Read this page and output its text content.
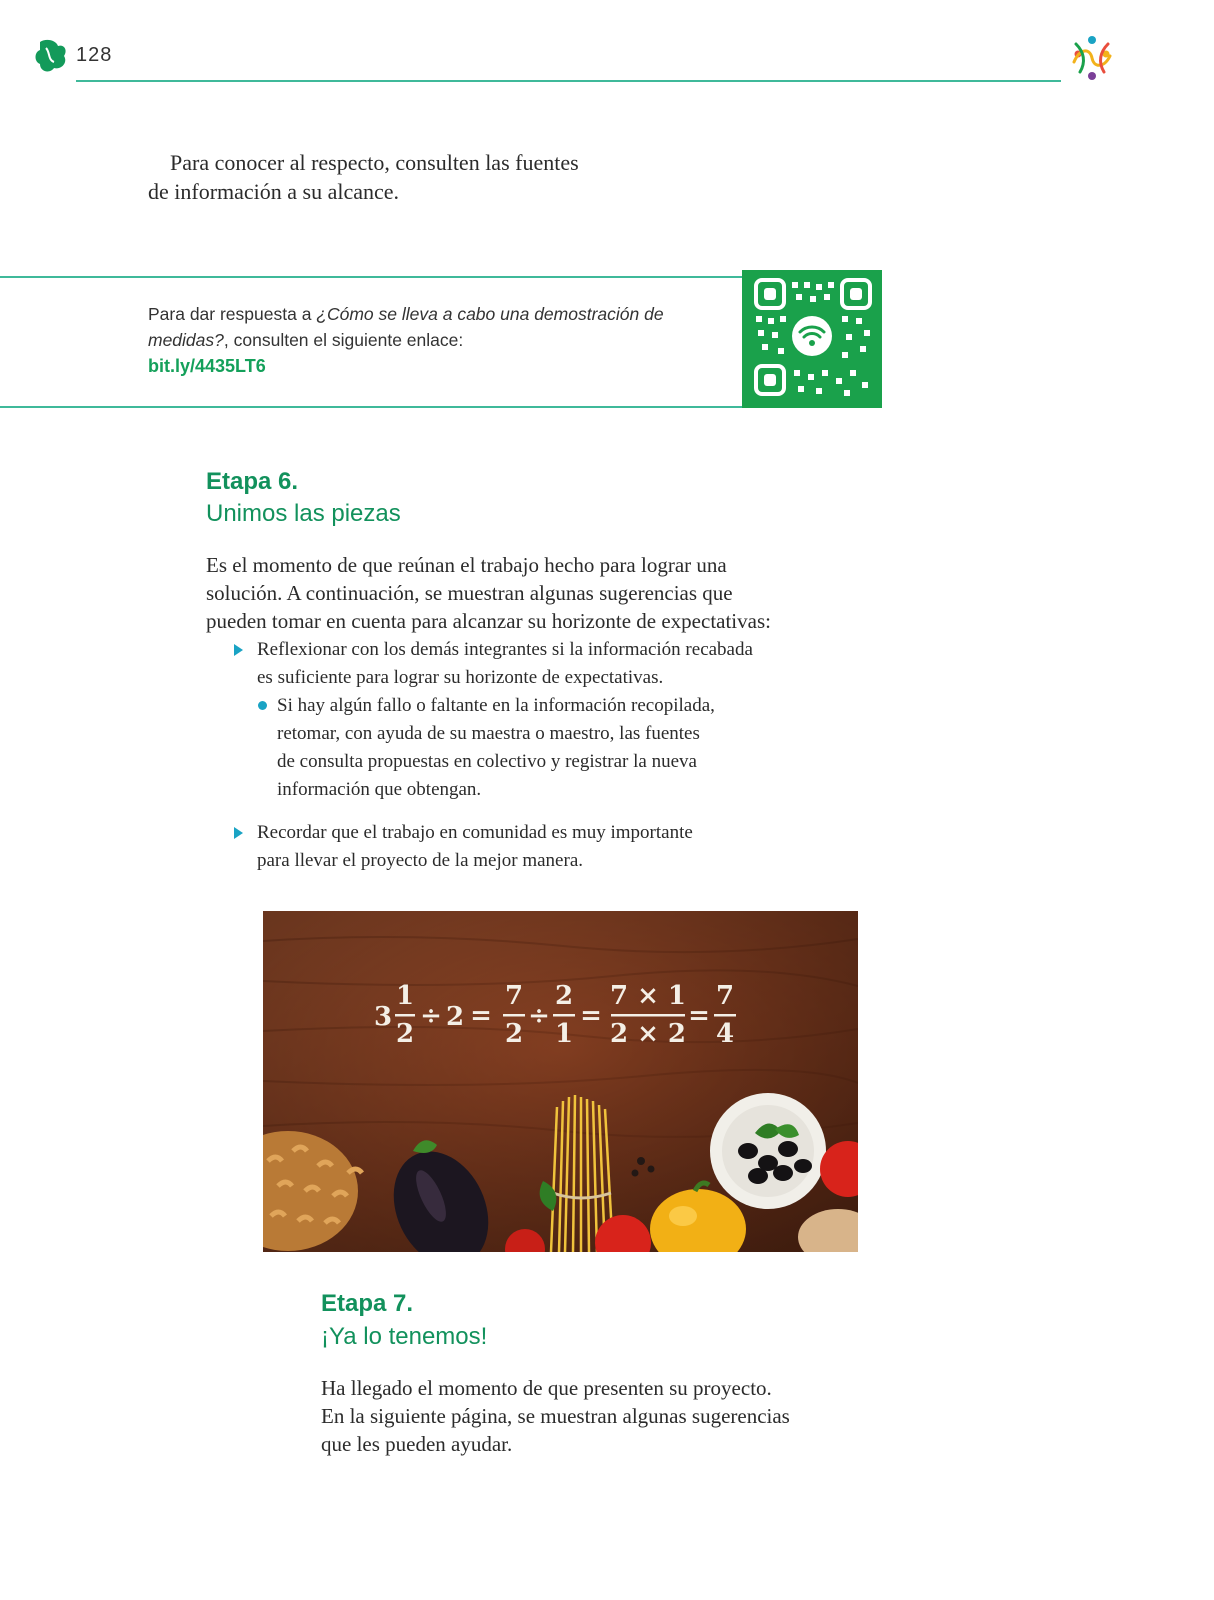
128
Para conocer al respecto, consulten las fuentes
de información a su alcance.
Para dar respuesta a ¿Cómo se lleva a cabo una demostración de medidas?, consulten el siguiente enlace:
bit.ly/4435LT6
Etapa 6.
Unimos las piezas
Es el momento de que reúnan el trabajo hecho para lograr una
solución. A continuación, se muestran algunas sugerencias que
pueden tomar en cuenta para alcanzar su horizonte de expectativas:
Reflexionar con los demás integrantes si la información recabada
es suficiente para lograr su horizonte de expectativas.
Si hay algún fallo o faltante en la información recopilada,
retomar, con ayuda de su maestra o maestro, las fuentes
de consulta propuestas en colectivo y registrar la nueva
información que obtengan.
Recordar que el trabajo en comunidad es muy importante
para llevar el proyecto de la mejor manera.
3
1
2
÷ 2 =
7
2
÷
2
1
=
7 × 1
2 × 2
=
7
4
Etapa 7.
¡Ya lo tenemos!
Ha llegado el momento de que presenten su proyecto.
En la siguiente página, se muestran algunas sugerencias
que les pueden ayudar.
